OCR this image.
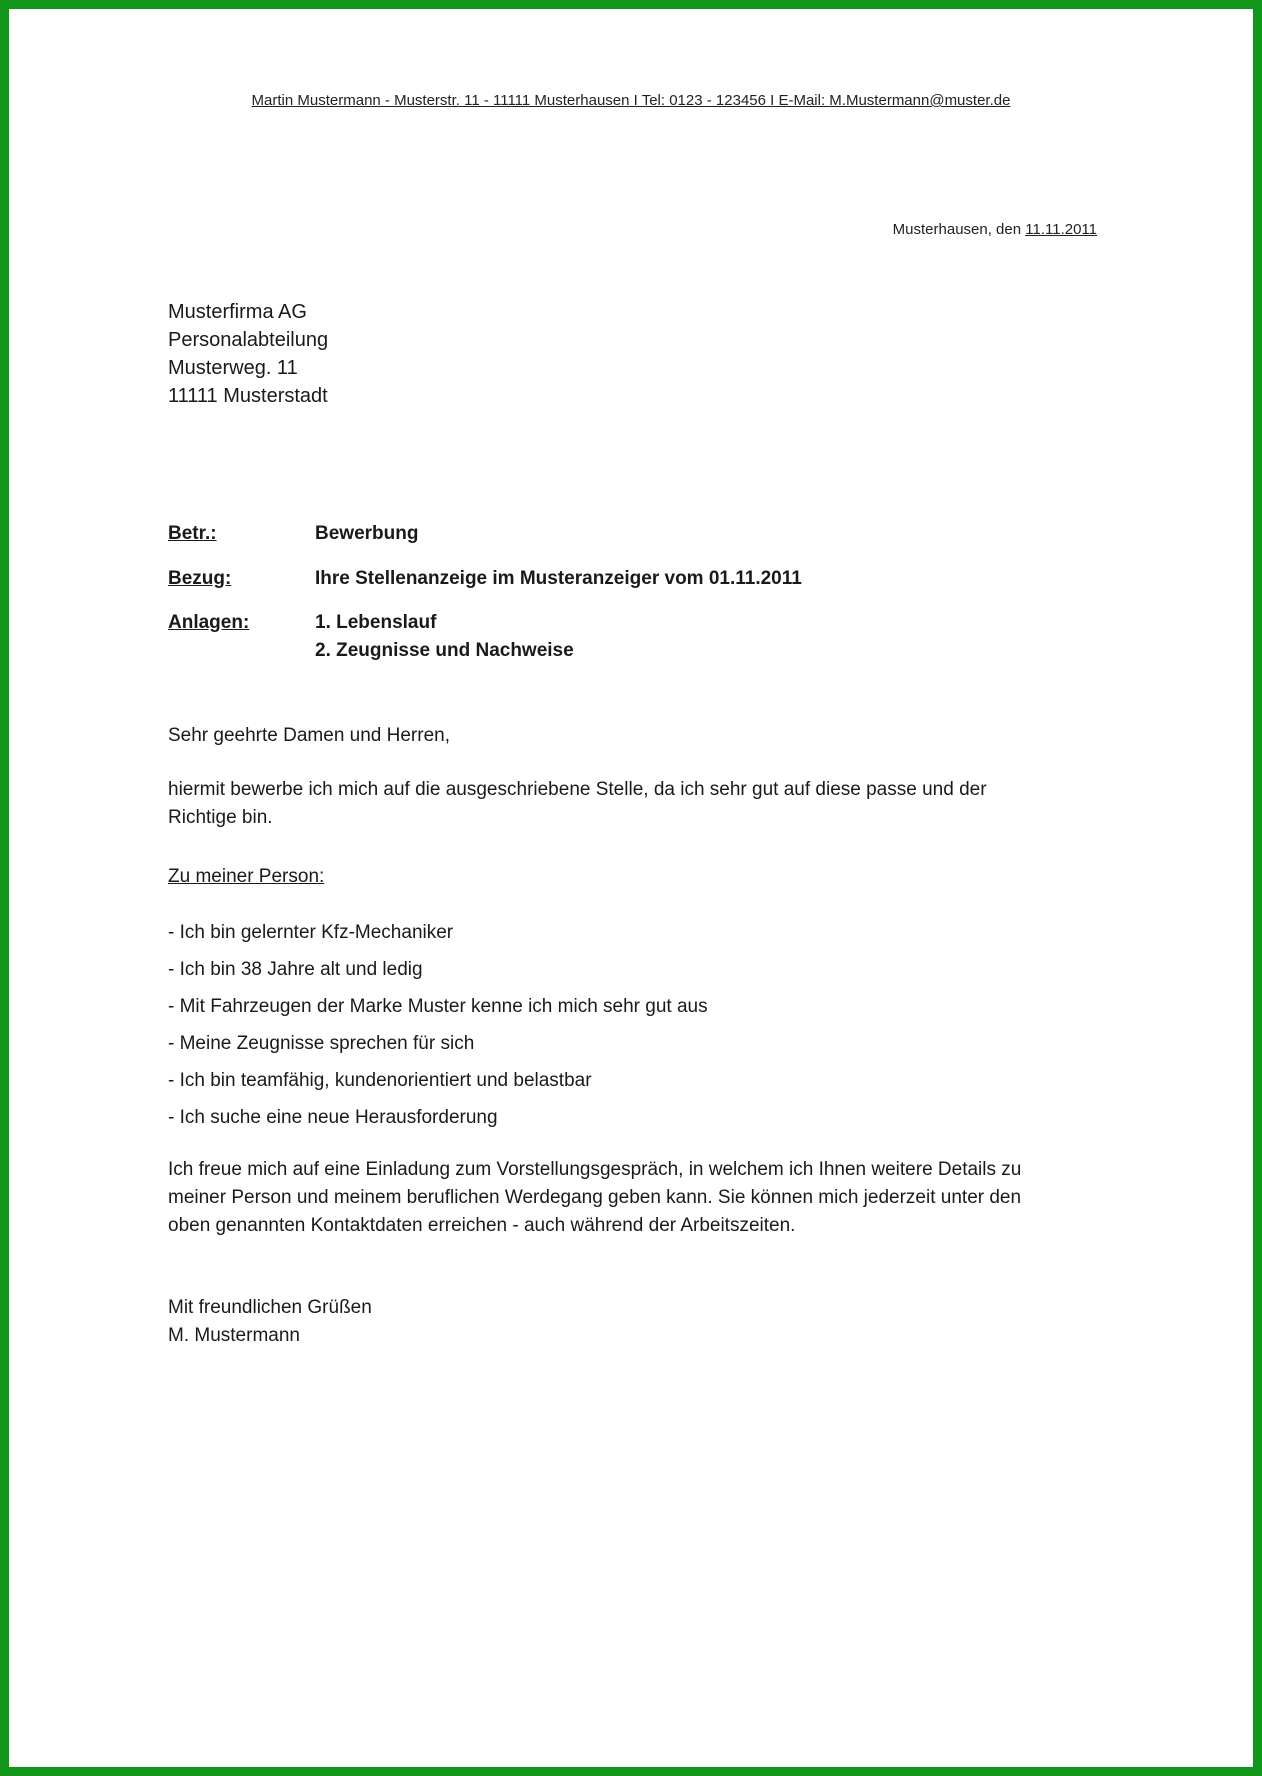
Martin Mustermann - Musterstr. 11 - 11111 Musterhausen I Tel: 0123 - 123456 I E-Mail: M.Mustermann@muster.de
Musterhausen, den 11.11.2011
Musterfirma AG
Personalabteilung
Musterweg. 11
11111 Musterstadt
Betr.:	Bewerbung
Bezug:	Ihre Stellenanzeige im Musteranzeiger vom 01.11.2011
Anlagen:	1. Lebenslauf
2. Zeugnisse und Nachweise
Sehr geehrte Damen und Herren,
hiermit bewerbe ich mich auf die ausgeschriebene Stelle, da ich sehr gut auf diese passe und der
Richtige bin.
Zu meiner Person:
- Ich bin gelernter Kfz-Mechaniker
- Ich bin 38 Jahre alt und ledig
- Mit Fahrzeugen der Marke Muster kenne ich mich sehr gut aus
- Meine Zeugnisse sprechen für sich
- Ich bin teamfähig, kundenorientiert und belastbar
- Ich suche eine neue Herausforderung
Ich freue mich auf eine Einladung zum Vorstellungsgespräch, in welchem ich Ihnen weitere Details zu
meiner Person und meinem beruflichen Werdegang geben kann. Sie können mich jederzeit unter den
oben genannten Kontaktdaten erreichen - auch während der Arbeitszeiten.
Mit freundlichen Grüßen
M. Mustermann
